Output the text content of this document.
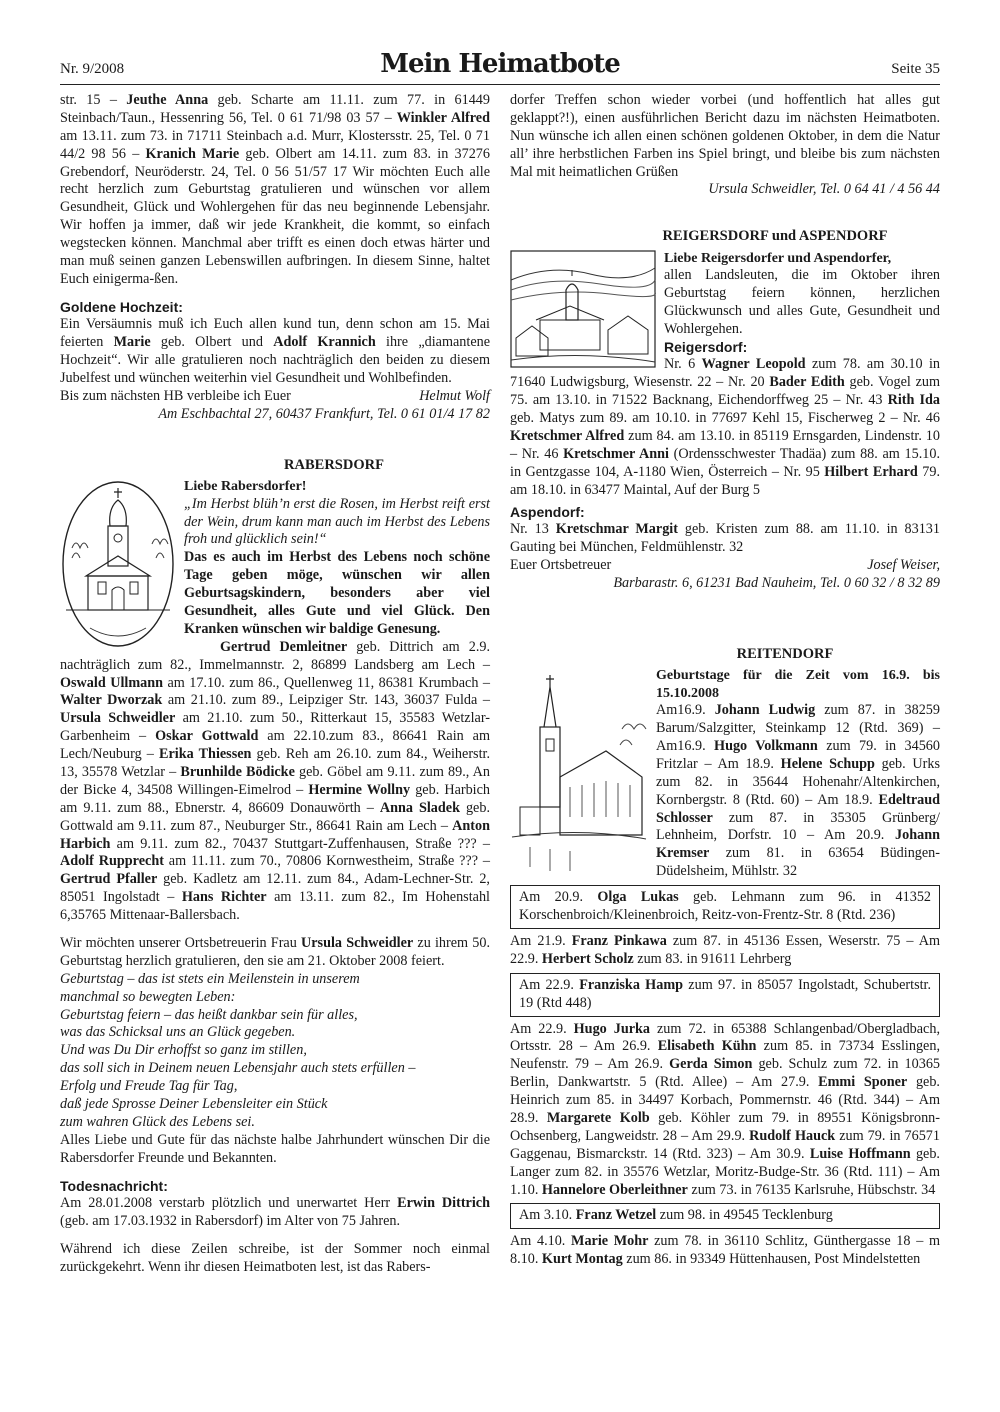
Nr. 9/2008	Mein Heimatbote	Seite 35

str. 15 – Jeuthe Anna geb. Scharte am 11.11. zum 77. in 61449 Steinbach/Taun., Hessenring 56, Tel. 0 61 71/98 03 57 – Winkler Alfred am 13.11. zum 73. in 71711 Steinbach a.d. Murr, Klostersstr. 25, Tel. 0 71 44/2 98 56 – Kranich Marie geb. Olbert am 14.11. zum 83. in 37276 Grebendorf, Neuröderstr. 24, Tel. 0 56 51/57 17 Wir möchten Euch alle recht herzlich zum Geburtstag gratulieren und wünschen vor allem Gesundheit, Glück und Wohlergehen für das neu beginnende Lebensjahr. Wir hoffen ja immer, daß wir jede Krankheit, die kommt, so einfach wegstecken können. Manchmal aber trifft es einen doch etwas härter und man muß seinen ganzen Lebenswillen aufbringen. In diesem Sinne, haltet Euch einigerma-ßen.

Goldene Hochzeit:

Ein Versäumnis muß ich Euch allen kund tun, denn schon am 15. Mai feierten Marie geb. Olbert und Adolf Krannich ihre „diamantene Hochzeit“. Wir alle gratulieren noch nachträglich den beiden zu diesem Jubelfest und wünchen weiterhin viel Gesundheit und Wohlbefinden.

Bis zum nächsten HB verbleibe ich Euer	Helmut Wolf
Am Eschbachtal 27, 60437 Frankfurt, Tel. 0 61 01/4 17 82
RABERSDORF

Liebe Rabersdorfer!

„Im Herbst blüh’n erst die Rosen, im Herbst reift erst der Wein, drum kann man auch im Herbst des Lebens froh und glücklich sein!“

Das es auch im Herbst des Lebens noch schöne Tage geben möge, wünschen wir allen Geburtsagskindern, besonders aber viel Gesundheit, alles Gute und viel Glück. Den Kranken wünschen wir baldige Genesung.

Gertrud Demleitner geb. Dittrich am 2.9. nachträglich zum 82., Immelmannstr. 2, 86899 Landsberg am Lech – Oswald Ullmann am 17.10. zum 86., Quellenweg 11, 86381 Krumbach – Walter Dworzak am 21.10. zum 89., Leipziger Str. 143, 36037 Fulda – Ursula Schweidler am 21.10. zum 50., Ritterkaut 15, 35583 Wetzlar-Garbenheim – Oskar Gottwald am 22.10.zum 83., 86641 Rain am Lech/Neuburg – Erika Thiessen geb. Reh am 26.10. zum 84., Weiherstr. 13, 35578 Wetzlar – Brunhilde Bödicke geb. Göbel am 9.11. zum 89., An der Bicke 4, 34508 Willingen-Eimelrod – Hermine Wollny geb. Harbich am 9.11. zum 88., Ebnerstr. 4, 86609 Donauwörth – Anna Sladek geb. Gottwald am 9.11. zum 87., Neuburger Str., 86641 Rain am Lech – Anton Harbich am 9.11. zum 82., 70437 Stuttgart-Zuffenhausen, Straße ??? – Adolf Rupprecht am 11.11. zum 70., 70806 Kornwestheim, Straße ??? – Gertrud Pfaller geb. Kadletz am 12.11. zum 84., Adam-Lechner-Str. 2, 85051 Ingolstadt – Hans Richter am 13.11. zum 82., Im Hohenstahl 6,35765 Mittenaar-Ballersbach.

Wir möchten unserer Ortsbetreuerin Frau Ursula Schweidler zu ihrem 50. Geburtstag herzlich gratulieren, den sie am 21. Oktober 2008 feiert.

Geburtstag – das ist stets ein Meilenstein in unserem
manchmal so bewegten Leben:
Geburtstag feiern – das heißt dankbar sein für alles,
was das Schicksal uns an Glück gegeben.
Und was Du Dir erhoffst so ganz im stillen,
das soll sich in Deinem neuen Lebensjahr auch stets erfüllen –
Erfolg und Freude Tag für Tag,
daß jede Sprosse Deiner Lebensleiter ein Stück
zum wahren Glück des Lebens sei.

Alles Liebe und Gute für das nächste halbe Jahrhundert wünschen Dir die Rabersdorfer Freunde und Bekannten.

Todesnachricht:

Am 28.01.2008 verstarb plötzlich und unerwartet Herr Erwin Dittrich (geb. am 17.03.1932 in Rabersdorf) im Alter von 75 Jahren.

Während ich diese Zeilen schreibe, ist der Sommer noch einmal zurückgekehrt. Wenn ihr diesen Heimatboten lest, ist das Rabers-

dorfer Treffen schon wieder vorbei (und hoffentlich hat alles gut geklappt?!), einen ausführlichen Bericht dazu im nächsten Heimatboten. Nun wünsche ich allen einen schönen goldenen Oktober, in dem die Natur all’ ihre herbstlichen Farben ins Spiel bringt, und bleibe bis zum nächsten Mal mit heimatlichen Grüßen

Ursula Schweidler, Tel. 0 64 41 / 4 56 44
REIGERSDORF und ASPENDORF

Liebe Reigersdorfer und Aspendorfer,

allen Landsleuten, die im Oktober ihren Geburtstag feiern können, herzlichen Glückwunsch und alles Gute, Gesundheit und Wohlergehen.

Reigersdorf:

Nr. 6 Wagner Leopold zum 78. am 30.10 in 71640 Ludwigsburg, Wiesenstr. 22 – Nr. 20 Bader Edith geb. Vogel zum 75. am 13.10. in 71522 Backnang, Eichendorffweg 25 – Nr. 43 Rith Ida geb. Matys zum 89. am 10.10. in 77697 Kehl 15, Fischerweg 2 – Nr. 46 Kretschmer Alfred zum 84. am 13.10. in 85119 Ernsgarden, Lindenstr. 10 – Nr. 46 Kretschmer Anni (Ordensschwester Thadäa) zum 88. am 15.10. in Gentzgasse 104, A-1180 Wien, Österreich – Nr. 95 Hilbert Erhard 79. am 18.10. in 63477 Maintal, Auf der Burg 5

Aspendorf:

Nr. 13 Kretschmar Margit geb. Kristen zum 88. am 11.10. in 83131 Gauting bei München, Feldmühlenstr. 32

Euer Ortsbetreuer	Josef Weiser,
Barbarastr. 6, 61231 Bad Nauheim, Tel. 0 60 32 / 8 32 89
REITENDORF

Geburtstage für die Zeit vom 16.9. bis 15.10.2008

Am16.9. Johann Ludwig zum 87. in 38259 Barum/Salzgitter, Steinkamp 12 (Rtd. 369) – Am16.9. Hugo Volkmann zum 79. in 34560 Fritzlar – Am 18.9. Helene Schupp geb. Urks zum 82. in 35644 Hohenahr/Altenkirchen, Kornbergstr. 8 (Rtd. 60) – Am 18.9. Edeltraud Schlosser zum 87. in 35305 Grünberg/ Lehnheim, Dorfstr. 10 – Am 20.9. Johann Kremser zum 81. in 63654 Büdingen-Düdelsheim, Mühlstr. 32

Am 20.9. Olga Lukas geb. Lehmann zum 96. in 41352 Korschenbroich/Kleinenbroich, Reitz-von-Frentz-Str. 8 (Rtd. 236)

Am 21.9. Franz Pinkawa zum 87. in 45136 Essen, Weserstr. 75 – Am 22.9. Herbert Scholz zum 83. in 91611 Lehrberg

Am 22.9. Franziska Hamp zum 97. in 85057 Ingolstadt, Schubertstr. 19 (Rtd 448)

Am 22.9. Hugo Jurka zum 72. in 65388 Schlangenbad/Obergladbach, Ortsstr. 28 – Am 26.9. Elisabeth Kühn zum 85. in 73734 Esslingen, Neufenstr. 79 – Am 26.9. Gerda Simon geb. Schulz zum 72. in 10365 Berlin, Dankwartstr. 5 (Rtd. Allee) – Am 27.9. Emmi Sponer geb. Heinrich zum 85. in 34497 Korbach, Pommernstr. 46 (Rtd. 344) – Am 28.9. Margarete Kolb geb. Köhler zum 79. in 89551 Königsbronn-Ochsenberg, Langweidstr. 28 – Am 29.9. Rudolf Hauck zum 79. in 76571 Gaggenau, Bismarckstr. 14 (Rtd. 323) – Am 30.9. Luise Hoffmann geb. Langer zum 82. in 35576 Wetzlar, Moritz-Budge-Str. 36 (Rtd. 111) – Am 1.10. Hannelore Oberleithner zum 73. in 76135 Karlsruhe, Hübschstr. 34

Am 3.10. Franz Wetzel zum 98. in 49545 Tecklenburg

Am 4.10. Marie Mohr zum 78. in 36110 Schlitz, Günthergasse 18 – m 8.10. Kurt Montag zum 86. in 93349 Hüttenhausen, Post Mindelstetten
